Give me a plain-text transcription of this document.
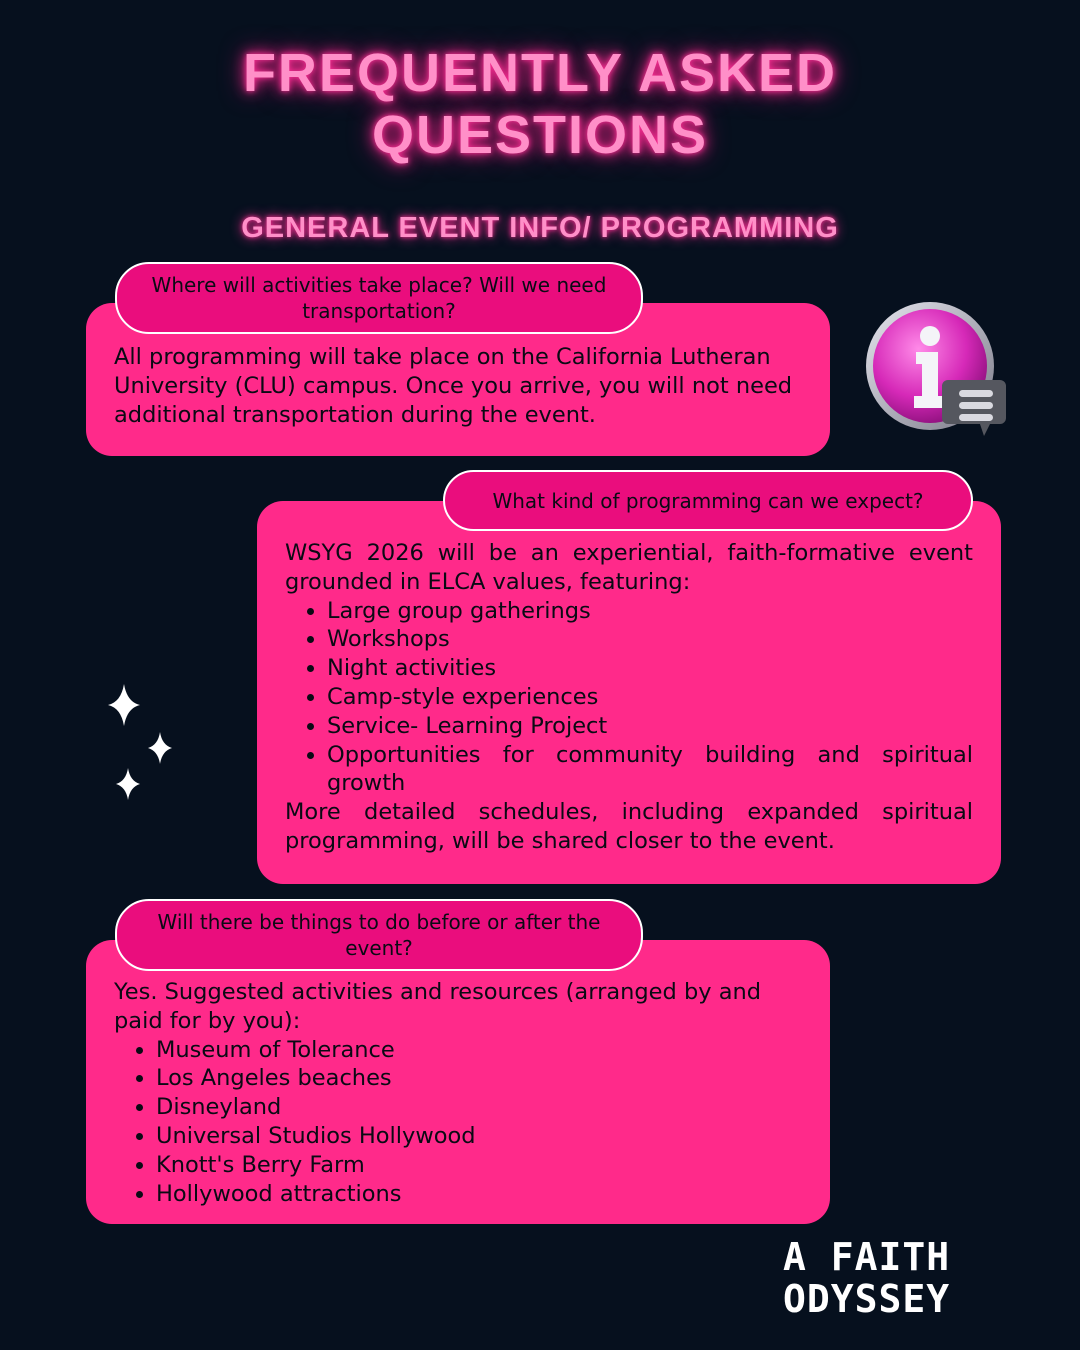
FREQUENTLY ASKED
QUESTIONS
GENERAL EVENT INFO/ PROGRAMMING
Where will activities take place? Will we need transportation?
All programming will take place on the California Lutheran University (CLU) campus. Once you arrive, you will not need additional transportation during the event.
What kind of programming can we expect?
WSYG 2026 will be an experiential, faith-formative event grounded in ELCA values, featuring:
• Large group gatherings
• Workshops
• Night activities
• Camp-style experiences
• Service- Learning Project
• Opportunities for community building and spiritual growth
More detailed schedules, including expanded spiritual programming, will be shared closer to the event.
Will there be things to do before or after the event?
Yes. Suggested activities and resources (arranged by and paid for by you):
• Museum of Tolerance
• Los Angeles beaches
• Disneyland
• Universal Studios Hollywood
• Knott's Berry Farm
• Hollywood attractions
A FAITH
ODYSSEY
